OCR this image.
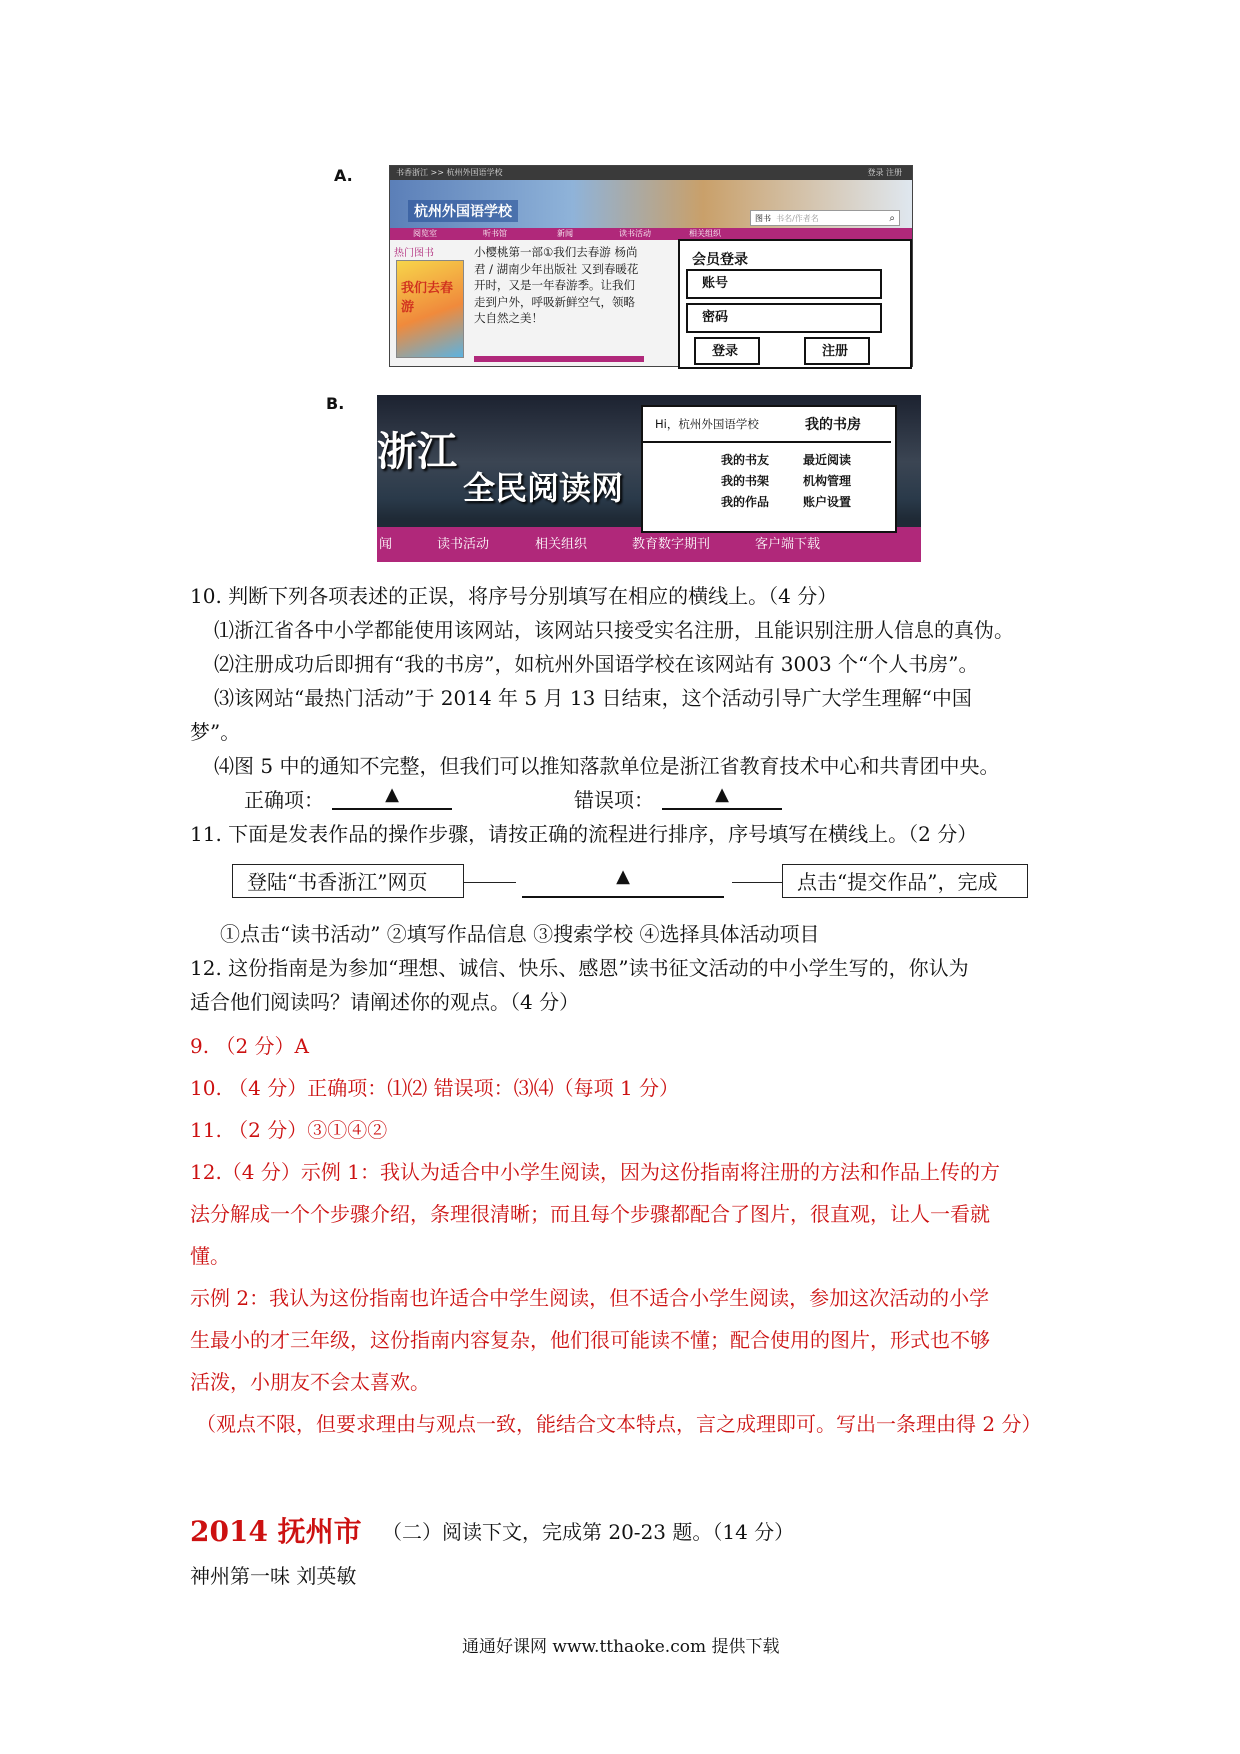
A.	书香浙江 >> 杭州外国语学校	登录 注册
杭州外国语学校	图书 书名/作者名	⌕
阅览室	听书馆	新闻	读书活动	相关组织
热门图书
我们去春游
小樱桃第一部①我们去春游 杨尚君 / 湖南少年出版社 又到春暖花开时，又是一年春游季。让我们走到户外，呼吸新鲜空气，领略大自然之美！
会员登录
账号
密码
登录	注册
B.
浙江
全民阅读网
闻	读书活动	相关组织	教育数字期刊	客户端下载
Hi，杭州外国语学校	我的书房
我的书友	最近阅读
我的书架	机构管理
我的作品	账户设置
10. 判断下列各项表述的正误，将序号分别填写在相应的横线上。（4 分）
⑴浙江省各中小学都能使用该网站，该网站只接受实名注册，且能识别注册人信息的真伪。
⑵注册成功后即拥有“我的书房”，如杭州外国语学校在该网站有 3003 个“个人书房”。
⑶该网站“最热门活动”于 2014 年 5 月 13 日结束，这个活动引导广大学生理解“中国
梦”。
⑷图 5 中的通知不完整，但我们可以推知落款单位是浙江省教育技术中心和共青团中央。
正确项：	▲	错误项：	▲
11. 下面是发表作品的操作步骤，请按正确的流程进行排序，序号填写在横线上。（2 分）
登陆“书香浙江”网页	▲	点击“提交作品”，完成
①点击“读书活动” ②填写作品信息 ③搜索学校 ④选择具体活动项目
12. 这份指南是为参加“理想、诚信、快乐、感恩”读书征文活动的中小学生写的，你认为
适合他们阅读吗？请阐述你的观点。（4 分）
9. （2 分）A
10. （4 分）正确项：⑴⑵ 错误项：⑶⑷（每项 1 分）
11. （2 分）③①④②
12.（4 分）示例 1：我认为适合中小学生阅读，因为这份指南将注册的方法和作品上传的方
法分解成一个个步骤介绍，条理很清晰；而且每个步骤都配合了图片，很直观，让人一看就
懂。
示例 2：我认为这份指南也许适合中学生阅读，但不适合小学生阅读，参加这次活动的小学
生最小的才三年级，这份指南内容复杂，他们很可能读不懂；配合使用的图片，形式也不够
活泼，小朋友不会太喜欢。
（观点不限，但要求理由与观点一致，能结合文本特点，言之成理即可。写出一条理由得 2 分）
2014 抚州市 （二）阅读下文，完成第 20-23 题。（14 分）
神州第一味 刘英敏
通通好课网 www.tthaoke.com 提供下载
